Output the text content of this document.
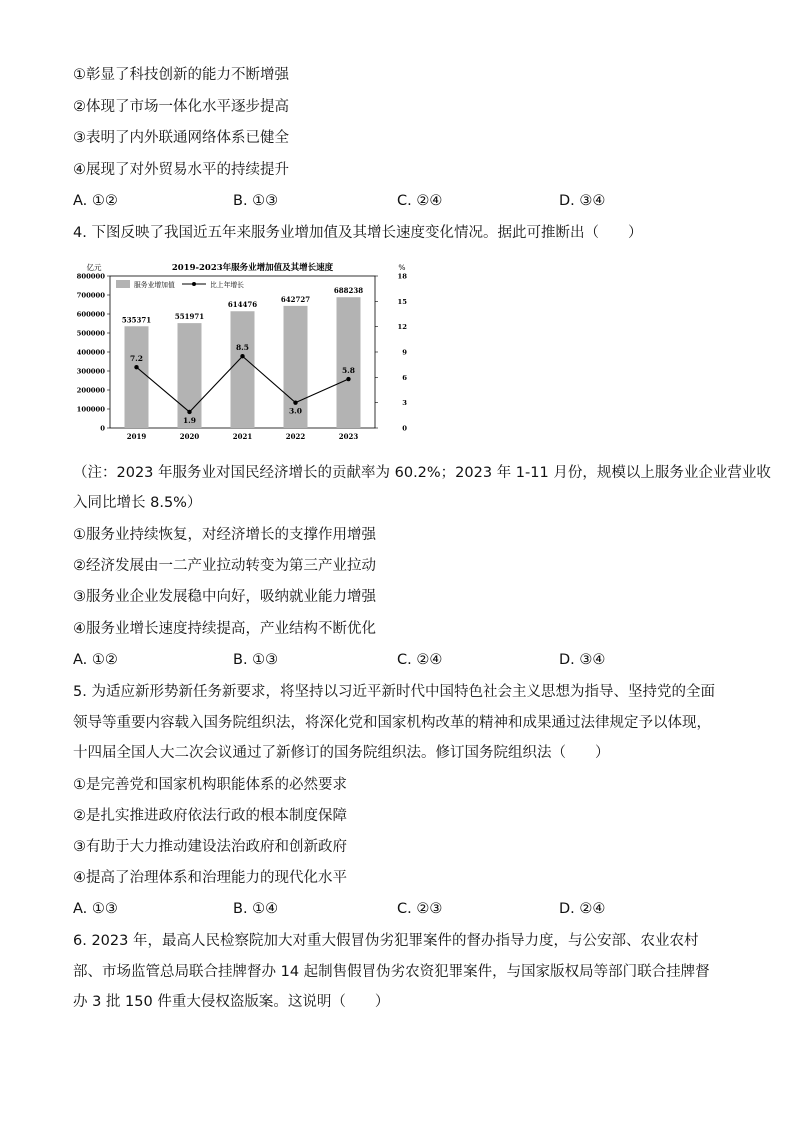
①彰显了科技创新的能力不断增强
②体现了市场一体化水平逐步提高
③表明了内外联通网络体系已健全
④展现了对外贸易水平的持续提升
A. ①②	B. ①③	C. ②④	D. ③④
4. 下图反映了我国近五年来服务业增加值及其增长速度变化情况。据此可推断出（　　）
2019-2023年服务业增加值及其增长速度
亿元	%
0
100000
200000
300000
400000
500000
600000
700000
800000
0
3
6
9
12
15
18
535371	551971
614476
642727
688238
2019	2020	2021	2022	2023
7.2
1.9
8.5
3.0
5.8
服务业增加值	比上年增长
（注：2023 年服务业对国民经济增长的贡献率为 60.2%；2023 年 1-11 月份，规模以上服务业企业营业收
入同比增长 8.5%）
①服务业持续恢复，对经济增长的支撑作用增强
②经济发展由一二产业拉动转变为第三产业拉动
③服务业企业发展稳中向好，吸纳就业能力增强
④服务业增长速度持续提高，产业结构不断优化
A. ①②	B. ①③	C. ②④	D. ③④
5. 为适应新形势新任务新要求，将坚持以习近平新时代中国特色社会主义思想为指导、坚持党的全面领导等重要内容载入国务院组织法，将深化党和国家机构改革的精神和成果通过法律规定予以体现，十四届全国人大二次会议通过了新修订的国务院组织法。修订国务院组织法（　　）
①是完善党和国家机构职能体系的必然要求
②是扎实推进政府依法行政的根本制度保障
③有助于大力推动建设法治政府和创新政府
④提高了治理体系和治理能力的现代化水平
A. ①③	B. ①④	C. ②③	D. ②④
6. 2023 年，最高人民检察院加大对重大假冒伪劣犯罪案件的督办指导力度，与公安部、农业农村部、市场监管总局联合挂牌督办 14 起制售假冒伪劣农资犯罪案件，与国家版权局等部门联合挂牌督办 3 批 150 件重大侵权盗版案。这说明（　　）
